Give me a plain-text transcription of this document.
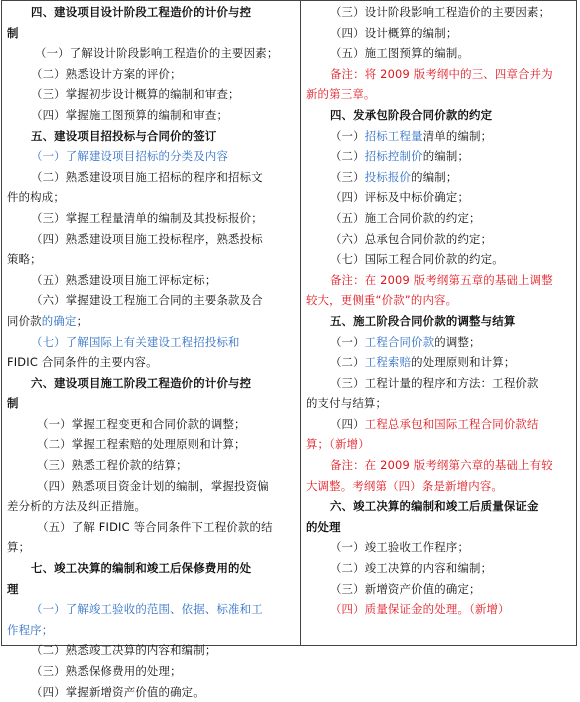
四、建设项目设计阶段工程造价的计价与控
制
（一）了解设计阶段影响工程造价的主要因素；
（二）熟悉设计方案的评价；
（三）掌握初步设计概算的编制和审查；
（四）掌握施工图预算的编制和审查；
五、建设项目招投标与合同价的签订
（一）了解建设项目招标的分类及内容
（二）熟悉建设项目施工招标的程序和招标文
件的构成；
（三）掌握工程量清单的编制及其投标报价；
（四）熟悉建设项目施工投标程序，熟悉投标
策略；
（五）熟悉建设项目施工评标定标；
（六）掌握建设工程施工合同的主要条款及合
同价款的确定；
（七）了解国际上有关建设工程招投标和
FIDIC 合同条件的主要内容。
六、建设项目施工阶段工程造价的计价与控
制
（一）掌握工程变更和合同价款的调整；
（二）掌握工程索赔的处理原则和计算；
（三）熟悉工程价款的结算；
（四）熟悉项目资金计划的编制，掌握投资偏
差分析的方法及纠正措施。
（五）了解 FIDIC 等合同条件下工程价款的结
算；
七、竣工决算的编制和竣工后保修费用的处
理
（一）了解竣工验收的范围、依据、标准和工
作程序；
（二）熟悉竣工决算的内容和编制；
（三）熟悉保修费用的处理；
（四）掌握新增资产价值的确定。
（三）设计阶段影响工程造价的主要因素；
（四）设计概算的编制；
（五）施工图预算的编制。
备注：将 2009 版考纲中的三、四章合并为
新的第三章。
四、发承包阶段合同价款的约定
（一）招标工程量清单的编制；
（二）招标控制价的编制；
（三）投标报价的编制；
（四）评标及中标价确定；
（五）施工合同价款的约定；
（六）总承包合同价款的约定；
（七）国际工程合同价款的约定。
备注：在 2009 版考纲第五章的基础上调整
较大，更侧重“价款”的内容。
五、施工阶段合同价款的调整与结算
（一）工程合同价款的调整；
（二）工程索赔的处理原则和计算；
（三）工程计量的程序和方法：工程价款
的支付与结算；
（四）工程总承包和国际工程合同价款结
算；（新增）
备注：在 2009 版考纲第六章的基础上有较
大调整。考纲第（四）条是新增内容。
六、竣工决算的编制和竣工后质量保证金
的处理
（一）竣工验收工作程序；
（二）竣工决算的内容和编制；
（三）新增资产价值的确定；
（四）质量保证金的处理。（新增）
